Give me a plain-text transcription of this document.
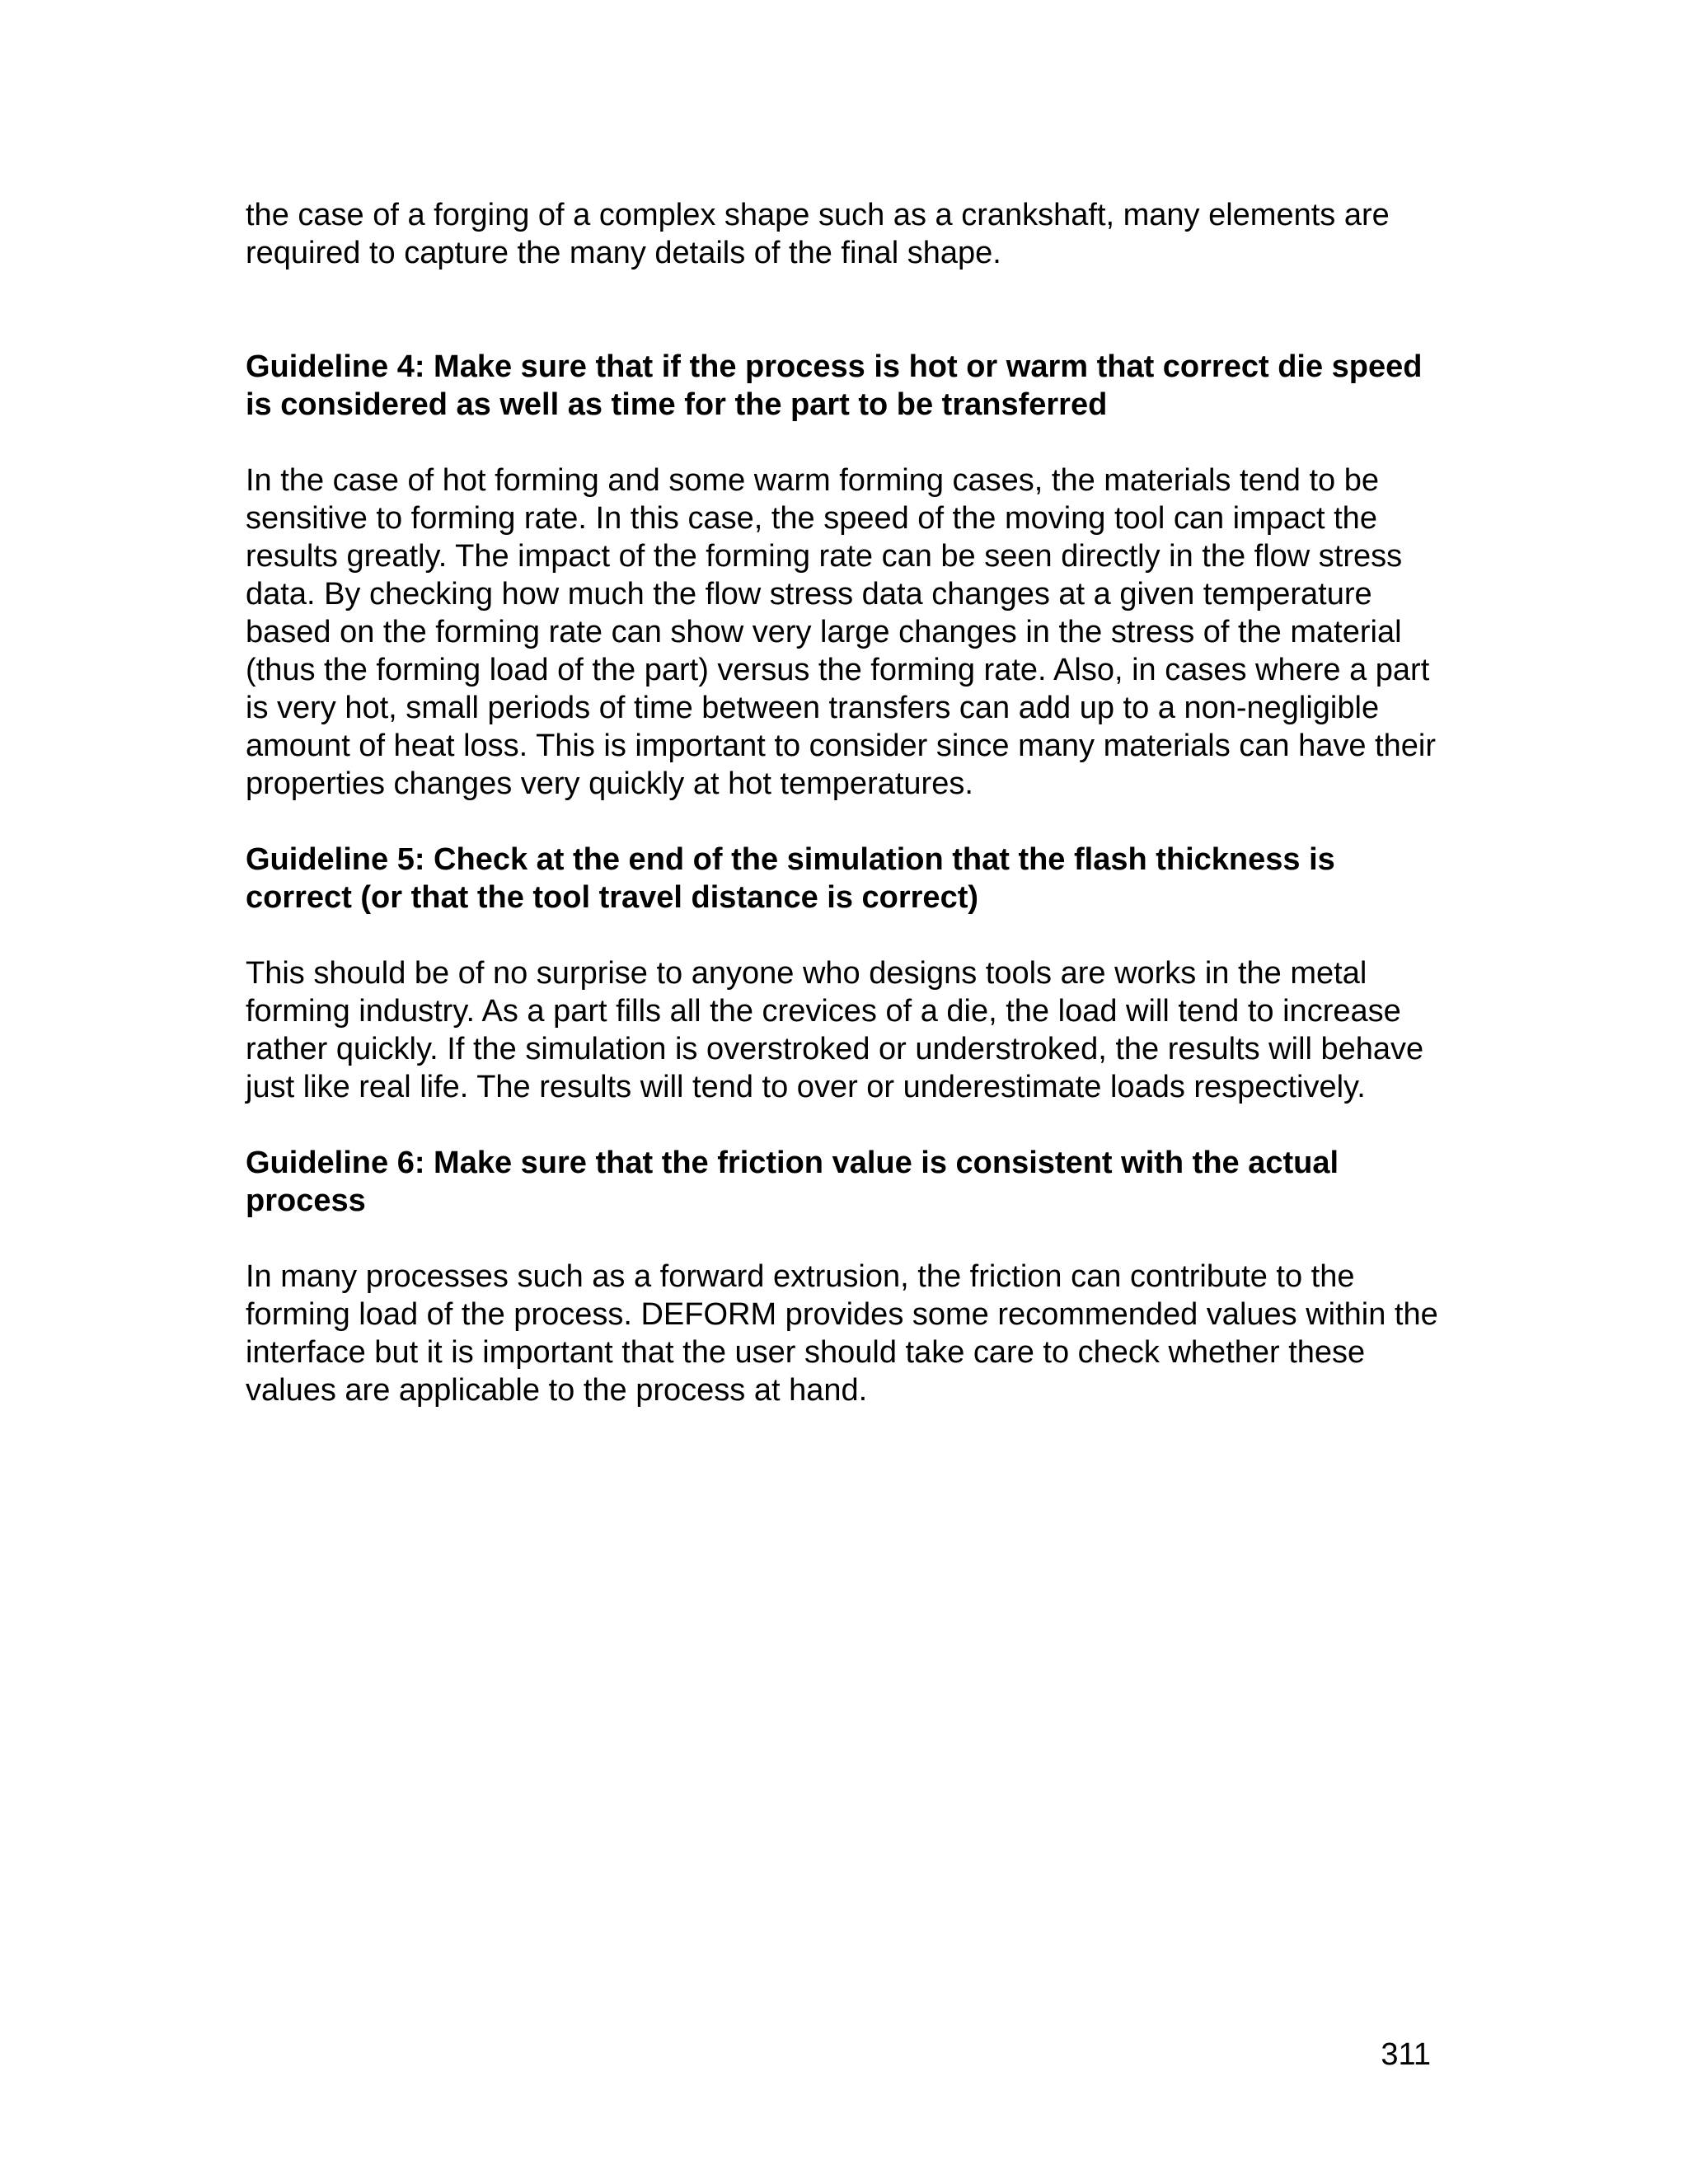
the case of a forging of a complex shape such as a crankshaft, many elements are required to capture the many details of the final shape.

Guideline 4: Make sure that if the process is hot or warm that correct die speed is considered as well as time for the part to be transferred

In the case of hot forming and some warm forming cases, the materials tend to be sensitive to forming rate. In this case, the speed of the moving tool can impact the results greatly. The impact of the forming rate can be seen directly in the flow stress data. By checking how much the flow stress data changes at a given temperature based on the forming rate can show very large changes in the stress of the material (thus the forming load of the part) versus the forming rate. Also, in cases where a part is very hot, small periods of time between transfers can add up to a non-negligible amount of heat loss. This is important to consider since many materials can have their properties changes very quickly at hot temperatures.

Guideline 5: Check at the end of the simulation that the flash thickness is correct (or that the tool travel distance is correct)

This should be of no surprise to anyone who designs tools are works in the metal forming industry. As a part fills all the crevices of a die, the load will tend to increase rather quickly. If the simulation is overstroked or understroked, the results will behave just like real life. The results will tend to over or underestimate loads respectively.

Guideline 6: Make sure that the friction value is consistent with the actual process

In many processes such as a forward extrusion, the friction can contribute to the forming load of the process. DEFORM provides some recommended values within the interface but it is important that the user should take care to check whether these values are applicable to the process at hand.

311
